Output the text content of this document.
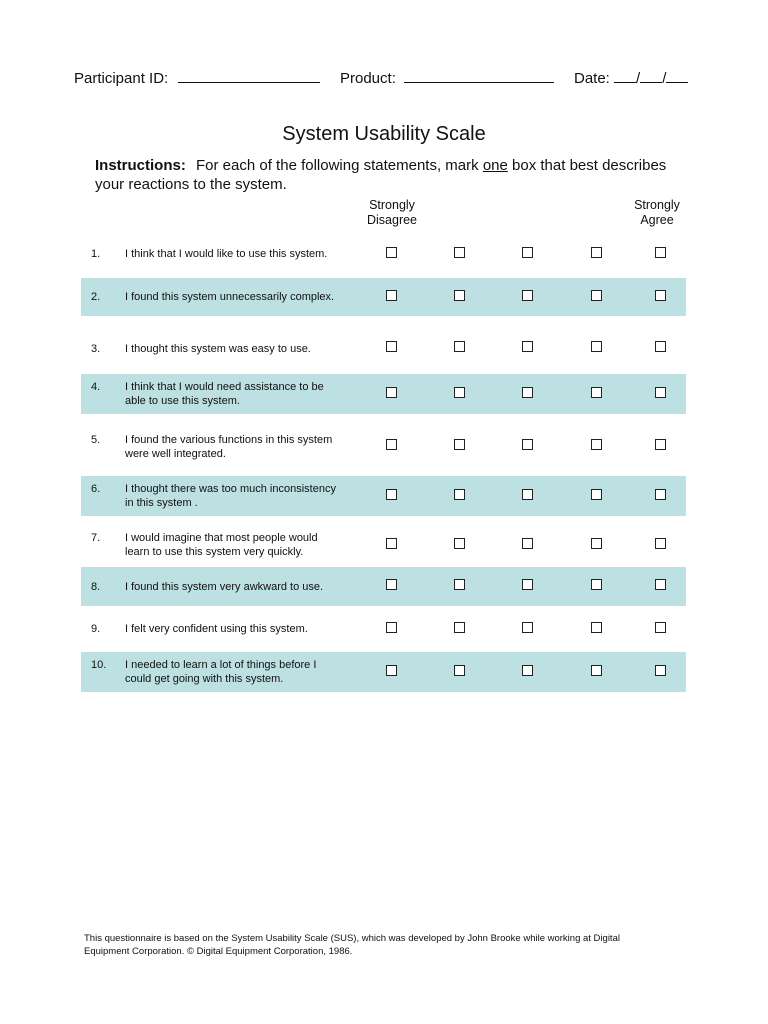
Participant ID:	Product:	Date: / /
System Usability Scale
Instructions: For each of the following statements, mark one box that best describes your reactions to the system.
Strongly
Disagree
Strongly
Agree
1. I think that I would like to use this system.
2. I found this system unnecessarily complex.
3. I thought this system was easy to use.
4. I think that I would need assistance to be
able to use this system.
5. I found the various functions in this system
were well integrated.
6. I thought there was too much inconsistency
in this system .
7. I would imagine that most people would
learn to use this system very quickly.
8. I found this system very awkward to use.
9. I felt very confident using this system.
10. I needed to learn a lot of things before I
could get going with this system.
This questionnaire is based on the System Usability Scale (SUS), which was developed by John Brooke while working at Digital
Equipment Corporation. © Digital Equipment Corporation, 1986.
